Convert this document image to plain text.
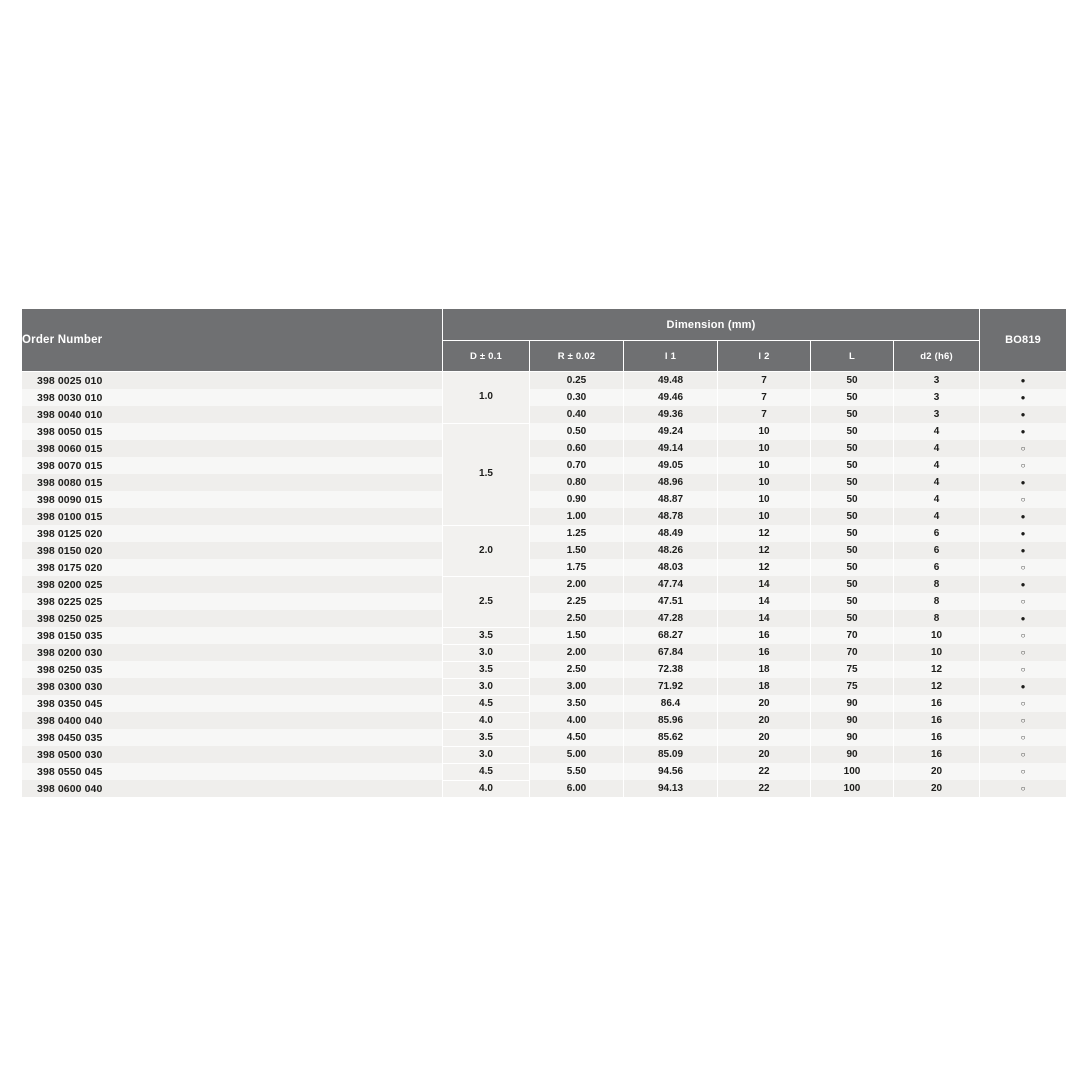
Order Number	Dimension (mm)						BO819
	D ± 0.1	R ± 0.02	l 1	l 2	L	d2 (h6)	
398 0025 010	1.0	0.25	49.48	7	50	3	●
398 0030 010		0.30	49.46	7	50	3	●
398 0040 010		0.40	49.36	7	50	3	●
398 0050 015	1.5	0.50	49.24	10	50	4	●
398 0060 015		0.60	49.14	10	50	4	○
398 0070 015		0.70	49.05	10	50	4	○
398 0080 015		0.80	48.96	10	50	4	●
398 0090 015		0.90	48.87	10	50	4	○
398 0100 015		1.00	48.78	10	50	4	●
398 0125 020	2.0	1.25	48.49	12	50	6	●
398 0150 020		1.50	48.26	12	50	6	●
398 0175 020		1.75	48.03	12	50	6	○
398 0200 025	2.5	2.00	47.74	14	50	8	●
398 0225 025		2.25	47.51	14	50	8	○
398 0250 025		2.50	47.28	14	50	8	●
398 0150 035	3.5	1.50	68.27	16	70	10	○
398 0200 030	3.0	2.00	67.84	16	70	10	○
398 0250 035	3.5	2.50	72.38	18	75	12	○
398 0300 030	3.0	3.00	71.92	18	75	12	●
398 0350 045	4.5	3.50	86.4	20	90	16	○
398 0400 040	4.0	4.00	85.96	20	90	16	○
398 0450 035	3.5	4.50	85.62	20	90	16	○
398 0500 030	3.0	5.00	85.09	20	90	16	○
398 0550 045	4.5	5.50	94.56	22	100	20	○
398 0600 040	4.0	6.00	94.13	22	100	20	○
